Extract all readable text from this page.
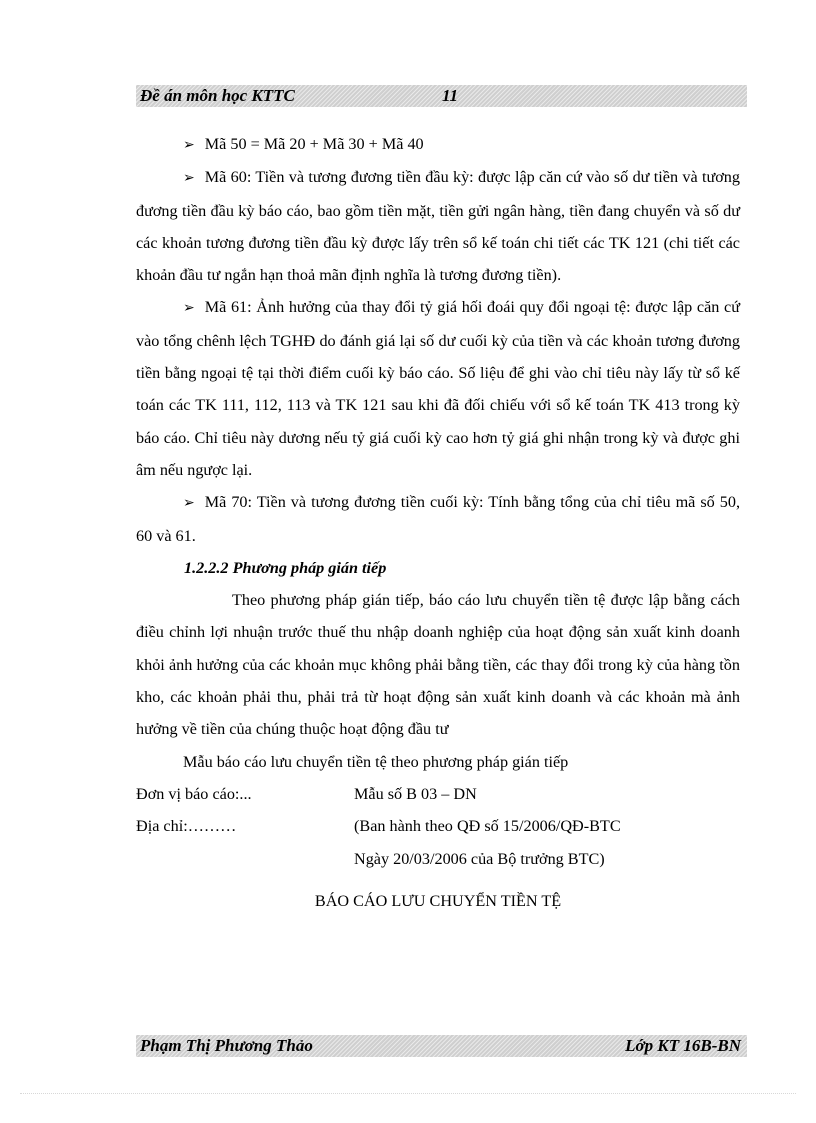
Đề án môn học KTTC	11

➢ Mã 50 = Mã 20 + Mã 30 + Mã 40

➢ Mã 60: Tiền và tương đương tiền đầu kỳ: được lập căn cứ vào số dư tiền và tương đương tiền đầu kỳ báo cáo, bao gồm tiền mặt, tiền gửi ngân hàng, tiền đang chuyển và số dư các khoản tương đương tiền đầu kỳ được lấy trên sổ kế toán chi tiết các TK 121 (chi tiết các khoản đầu tư ngắn hạn thoả mãn định nghĩa là tương đương tiền).

➢ Mã 61: Ảnh hưởng của thay đổi tỷ giá hối đoái quy đổi ngoại tệ: được lập căn cứ vào tổng chênh lệch TGHĐ do đánh giá lại số dư cuối kỳ của tiền và các khoản tương đương tiền bằng ngoại tệ tại thời điểm cuối kỳ báo cáo. Số liệu để ghi vào chỉ tiêu này lấy từ sổ kế toán các TK 111, 112, 113 và TK 121 sau khi đã đối chiếu với sổ kế toán TK 413 trong kỳ báo cáo. Chỉ tiêu này dương nếu tỷ giá cuối kỳ cao hơn tỷ giá ghi nhận trong kỳ và được ghi âm nếu ngược lại.

➢ Mã 70: Tiền và tương đương tiền cuối kỳ: Tính bằng tổng của chỉ tiêu mã số 50, 60 và 61.

1.2.2.2 Phương pháp gián tiếp

Theo phương pháp gián tiếp, báo cáo lưu chuyển tiền tệ được lập bằng cách điều chỉnh lợi nhuận trước thuế thu nhập doanh nghiệp của hoạt động sản xuất kinh doanh khỏi ảnh hưởng của các khoản mục không phải bằng tiền, các thay đổi trong kỳ của hàng tồn kho, các khoản phải thu, phải trả từ hoạt động sản xuất kinh doanh và các khoản mà ảnh hưởng về tiền của chúng thuộc hoạt động đầu tư

Mẫu báo cáo lưu chuyển tiền tệ theo phương pháp gián tiếp

Đơn vị báo cáo:...	Mẫu số B 03 – DN
Địa chỉ:………	(Ban hành theo QĐ số 15/2006/QĐ-BTC
Ngày 20/03/2006 của Bộ trưởng BTC)
BÁO CÁO LƯU CHUYỂN TIỀN TỆ
Phạm Thị Phương Thảo	Lớp KT 16B-BN
